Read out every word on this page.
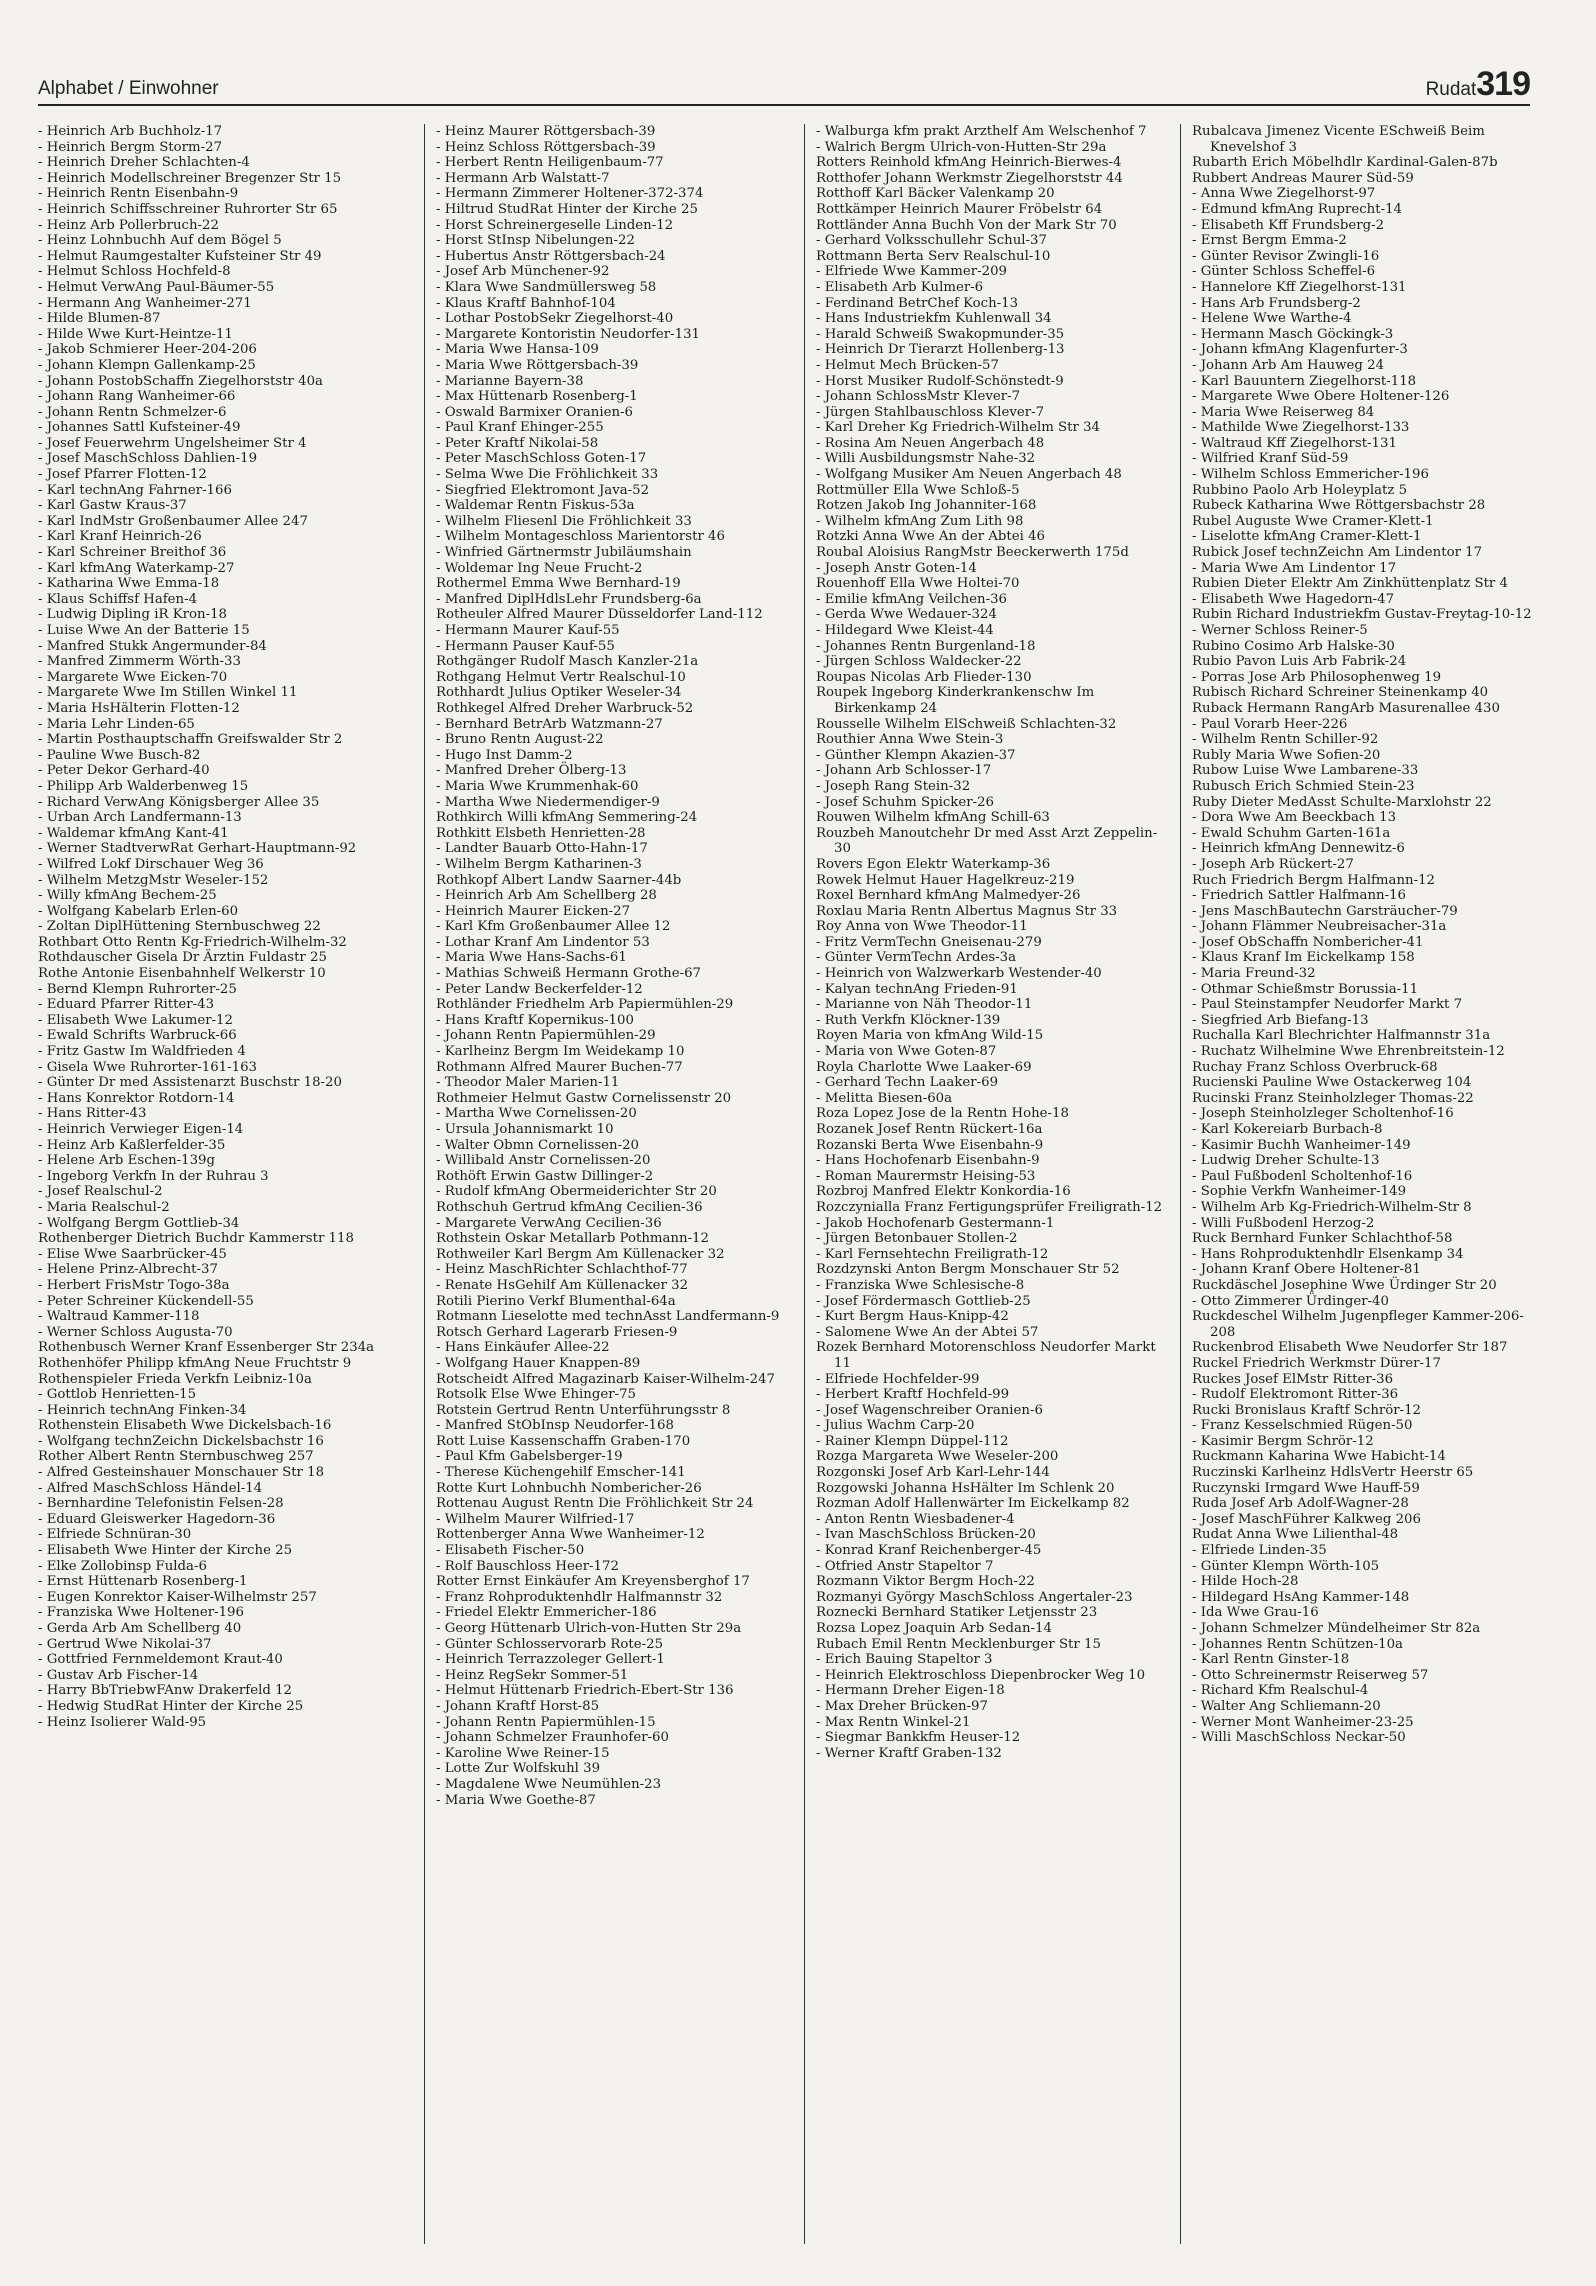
Alphabet / Einwohner	Rudat319
- Heinrich Arb Buchholz-17
- Heinrich Bergm Storm-27
- Heinrich Dreher Schlachten-4
- Heinrich Modellschreiner Bregenzer Str 15
- Heinrich Rentn Eisenbahn-9
- Heinrich Schiffsschreiner Ruhrorter Str 65
- Heinz Arb Pollerbruch-22
- Heinz Lohnbuchh Auf dem Bögel 5
- Helmut Raumgestalter Kufsteiner Str 49
- Helmut Schloss Hochfeld-8
- Helmut VerwAng Paul-Bäumer-55
- Hermann Ang Wanheimer-271
- Hilde Blumen-87
- Hilde Wwe Kurt-Heintze-11
- Jakob Schmierer Heer-204-206
- Johann Klempn Gallenkamp-25
- Johann PostobSchaffn Ziegelhorststr 40a
- Johann Rang Wanheimer-66
- Johann Rentn Schmelzer-6
- Johannes Sattl Kufsteiner-49
- Josef Feuerwehrm Ungelsheimer Str 4
- Josef MaschSchloss Dahlien-19
- Josef Pfarrer Flotten-12
- Karl technAng Fahrner-166
- Karl Gastw Kraus-37
- Karl IndMstr Großenbaumer Allee 247
- Karl Kranf Heinrich-26
- Karl Schreiner Breithof 36
- Karl kfmAng Waterkamp-27
- Katharina Wwe Emma-18
- Klaus Schiffsf Hafen-4
- Ludwig Dipling iR Kron-18
- Luise Wwe An der Batterie 15
- Manfred Stukk Angermunder-84
- Manfred Zimmerm Wörth-33
- Margarete Wwe Eicken-70
- Margarete Wwe Im Stillen Winkel 11
- Maria HsHälterin Flotten-12
- Maria Lehr Linden-65
- Martin Posthauptschaffn Greifswalder Str 2
- Pauline Wwe Busch-82
- Peter Dekor Gerhard-40
- Philipp Arb Walderbenweg 15
- Richard VerwAng Königsberger Allee 35
- Urban Arch Landfermann-13
- Waldemar kfmAng Kant-41
- Werner StadtverwRat Gerhart-Hauptmann-92
- Wilfred Lokf Dirschauer Weg 36
- Wilhelm MetzgMstr Weseler-152
- Willy kfmAng Bechem-25
- Wolfgang Kabelarb Erlen-60
- Zoltan DiplHüttening Sternbuschweg 22
Rothbart Otto Rentn Kg-Friedrich-Wilhelm-32
Rothdauscher Gisela Dr Ärztin Fuldastr 25
Rothe Antonie Eisenbahnhelf Welkerstr 10
- Bernd Klempn Ruhrorter-25
- Eduard Pfarrer Ritter-43
- Elisabeth Wwe Lakumer-12
- Ewald Schrifts Warbruck-66
- Fritz Gastw Im Waldfrieden 4
- Gisela Wwe Ruhrorter-161-163
- Günter Dr med Assistenarzt Buschstr 18-20
- Hans Konrektor Rotdorn-14
- Hans Ritter-43
- Heinrich Verwieger Eigen-14
- Heinz Arb Kaßlerfelder-35
- Helene Arb Eschen-139g
- Ingeborg Verkfn In der Ruhrau 3
- Josef Realschul-2
- Maria Realschul-2
- Wolfgang Bergm Gottlieb-34
Rothenberger Dietrich Buchdr Kammerstr 118
- Elise Wwe Saarbrücker-45
- Helene Prinz-Albrecht-37
- Herbert FrisMstr Togo-38a
- Peter Schreiner Kückendell-55
- Waltraud Kammer-118
- Werner Schloss Augusta-70
Rothenbusch Werner Kranf Essenberger Str 234a
Rothenhöfer Philipp kfmAng Neue Fruchtstr 9
Rothenspieler Frieda Verkfn Leibniz-10a
- Gottlob Henrietten-15
- Heinrich technAng Finken-34
Rothenstein Elisabeth Wwe Dickelsbach-16
- Wolfgang technZeichn Dickelsbachstr 16
Rother Albert Rentn Sternbuschweg 257
- Alfred Gesteinshauer Monschauer Str 18
- Alfred MaschSchloss Händel-14
- Bernhardine Telefonistin Felsen-28
- Eduard Gleiswerker Hagedorn-36
- Elfriede Schnüran-30
- Elisabeth Wwe Hinter der Kirche 25
- Elke Zollobinsp Fulda-6
- Ernst Hüttenarb Rosenberg-1
- Eugen Konrektor Kaiser-Wilhelmstr 257
- Franziska Wwe Holtener-196
- Gerda Arb Am Schellberg 40
- Gertrud Wwe Nikolai-37
- Gottfried Fernmeldemont Kraut-40
- Gustav Arb Fischer-14
- Harry BbTriebwFAnw Drakerfeld 12
- Hedwig StudRat Hinter der Kirche 25
- Heinz Isolierer Wald-95
- Heinz Maurer Röttgersbach-39
- Heinz Schloss Röttgersbach-39
- Herbert Rentn Heiligenbaum-77
- Hermann Arb Walstatt-7
- Hermann Zimmerer Holtener-372-374
- Hiltrud StudRat Hinter der Kirche 25
- Horst Schreinergeselle Linden-12
- Horst StInsp Nibelungen-22
- Hubertus Anstr Röttgersbach-24
- Josef Arb Münchener-92
- Klara Wwe Sandmüllersweg 58
- Klaus Kraftf Bahnhof-104
- Lothar PostobSekr Ziegelhorst-40
- Margarete Kontoristin Neudorfer-131
- Maria Wwe Hansa-109
- Maria Wwe Röttgersbach-39
- Marianne Bayern-38
- Max Hüttenarb Rosenberg-1
- Oswald Barmixer Oranien-6
- Paul Kranf Ehinger-255
- Peter Kraftf Nikolai-58
- Peter MaschSchloss Goten-17
- Selma Wwe Die Fröhlichkeit 33
- Siegfried Elektromont Java-52
- Waldemar Rentn Fiskus-53a
- Wilhelm Fliesenl Die Fröhlichkeit 33
- Wilhelm Montageschloss Marientorstr 46
- Winfried Gärtnermstr Jubiläumshain
- Woldemar Ing Neue Frucht-2
Rothermel Emma Wwe Bernhard-19
- Manfred DiplHdlsLehr Frundsberg-6a
Rotheuler Alfred Maurer Düsseldorfer Land-112
- Hermann Maurer Kauf-55
- Hermann Pauser Kauf-55
Rothgänger Rudolf Masch Kanzler-21a
Rothgang Helmut Vertr Realschul-10
Rothhardt Julius Optiker Weseler-34
Rothkegel Alfred Dreher Warbruck-52
- Bernhard BetrArb Watzmann-27
- Bruno Rentn August-22
- Hugo Inst Damm-2
- Manfred Dreher Ölberg-13
- Maria Wwe Krummenhak-60
- Martha Wwe Niedermendiger-9
Rothkirch Willi kfmAng Semmering-24
Rothkitt Elsbeth Henrietten-28
- Landter Bauarb Otto-Hahn-17
- Wilhelm Bergm Katharinen-3
Rothkopf Albert Landw Saarner-44b
- Heinrich Arb Am Schellberg 28
- Heinrich Maurer Eicken-27
- Karl Kfm Großenbaumer Allee 12
- Lothar Kranf Am Lindentor 53
- Maria Wwe Hans-Sachs-61
- Mathias Schweiß Hermann Grothe-67
- Peter Landw Beckerfelder-12
Rothländer Friedhelm Arb Papiermühlen-29
- Hans Kraftf Kopernikus-100
- Johann Rentn Papiermühlen-29
- Karlheinz Bergm Im Weidekamp 10
Rothmann Alfred Maurer Buchen-77
- Theodor Maler Marien-11
Rothmeier Helmut Gastw Cornelissenstr 20
- Martha Wwe Cornelissen-20
- Ursula Johannismarkt 10
- Walter Obmn Cornelissen-20
- Willibald Anstr Cornelissen-20
Rothöft Erwin Gastw Dillinger-2
- Rudolf kfmAng Obermeiderichter Str 20
Rothschuh Gertrud kfmAng Cecilien-36
- Margarete VerwAng Cecilien-36
Rothstein Oskar Metallarb Pothmann-12
Rothweiler Karl Bergm Am Küllenacker 32
- Heinz MaschRichter Schlachthof-77
- Renate HsGehilf Am Küllenacker 32
Rotili Pierino Verkf Blumenthal-64a
Rotmann Lieselotte med technAsst Landfermann-9
Rotsch Gerhard Lagerarb Friesen-9
- Hans Einkäufer Allee-22
- Wolfgang Hauer Knappen-89
Rotscheidt Alfred Magazinarb Kaiser-Wilhelm-247
Rotsolk Else Wwe Ehinger-75
Rotstein Gertrud Rentn Unterführungsstr 8
- Manfred StObInsp Neudorfer-168
Rott Luise Kassenschaffn Graben-170
- Paul Kfm Gabelsberger-19
- Therese Küchengehilf Emscher-141
Rotte Kurt Lohnbuchh Nombericher-26
Rottenau August Rentn Die Fröhlichkeit Str 24
- Wilhelm Maurer Wilfried-17
Rottenberger Anna Wwe Wanheimer-12
- Elisabeth Fischer-50
- Rolf Bauschloss Heer-172
Rotter Ernst Einkäufer Am Kreyensberghof 17
- Franz Rohproduktenhdlr Halfmannstr 32
- Friedel Elektr Emmericher-186
- Georg Hüttenarb Ulrich-von-Hutten Str 29a
- Günter Schlosservorarb Rote-25
- Heinrich Terrazzoleger Gellert-1
- Heinz RegSekr Sommer-51
- Helmut Hüttenarb Friedrich-Ebert-Str 136
- Johann Kraftf Horst-85
- Johann Rentn Papiermühlen-15
- Johann Schmelzer Fraunhofer-60
- Karoline Wwe Reiner-15
- Lotte Zur Wolfskuhl 39
- Magdalene Wwe Neumühlen-23
- Maria Wwe Goethe-87
- Walburga kfm prakt Arzthelf Am Welschenhof 7
- Walrich Bergm Ulrich-von-Hutten-Str 29a
Rotters Reinhold kfmAng Heinrich-Bierwes-4
Rotthofer Johann Werkmstr Ziegelhorststr 44
Rotthoff Karl Bäcker Valenkamp 20
Rottkämper Heinrich Maurer Fröbelstr 64
Rottländer Anna Buchh Von der Mark Str 70
- Gerhard Volksschullehr Schul-37
Rottmann Berta Serv Realschul-10
- Elfriede Wwe Kammer-209
- Elisabeth Arb Kulmer-6
- Ferdinand BetrChef Koch-13
- Hans Industriekfm Kuhlenwall 34
- Harald Schweiß Swakopmunder-35
- Heinrich Dr Tierarzt Hollenberg-13
- Helmut Mech Brücken-57
- Horst Musiker Rudolf-Schönstedt-9
- Johann SchlossMstr Klever-7
- Jürgen Stahlbauschloss Klever-7
- Karl Dreher Kg Friedrich-Wilhelm Str 34
- Rosina Am Neuen Angerbach 48
- Willi Ausbildungsmstr Nahe-32
- Wolfgang Musiker Am Neuen Angerbach 48
Rottmüller Ella Wwe Schloß-5
Rotzen Jakob Ing Johanniter-168
- Wilhelm kfmAng Zum Lith 98
Rotzki Anna Wwe An der Abtei 46
Roubal Aloisius RangMstr Beeckerwerth 175d
- Joseph Anstr Goten-14
Rouenhoff Ella Wwe Holtei-70
- Emilie kfmAng Veilchen-36
- Gerda Wwe Wedauer-324
- Hildegard Wwe Kleist-44
- Johannes Rentn Burgenland-18
- Jürgen Schloss Waldecker-22
Roupas Nicolas Arb Flieder-130
Roupek Ingeborg Kinderkrankenschw Im Birkenkamp 24
Rousselle Wilhelm ElSchweiß Schlachten-32
Routhier Anna Wwe Stein-3
- Günther Klempn Akazien-37
- Johann Arb Schlosser-17
- Joseph Rang Stein-32
- Josef Schuhm Spicker-26
Rouwen Wilhelm kfmAng Schill-63
Rouzbeh Manoutchehr Dr med Asst Arzt Zeppelin-30
Rovers Egon Elektr Waterkamp-36
Rowek Helmut Hauer Hagelkreuz-219
Roxel Bernhard kfmAng Malmedyer-26
Roxlau Maria Rentn Albertus Magnus Str 33
Roy Anna von Wwe Theodor-11
- Fritz VermTechn Gneisenau-279
- Günter VermTechn Ardes-3a
- Heinrich von Walzwerkarb Westender-40
- Kalyan technAng Frieden-91
- Marianne von Näh Theodor-11
- Ruth Verkfn Klöckner-139
Royen Maria von kfmAng Wild-15
- Maria von Wwe Goten-87
Royla Charlotte Wwe Laaker-69
- Gerhard Techn Laaker-69
- Melitta Biesen-60a
Roza Lopez Jose de la Rentn Hohe-18
Rozanek Josef Rentn Rückert-16a
Rozanski Berta Wwe Eisenbahn-9
- Hans Hochofenarb Eisenbahn-9
- Roman Maurermstr Heising-53
Rozbroj Manfred Elektr Konkordia-16
Rozczynialla Franz Fertigungsprüfer Freiligrath-12
- Jakob Hochofenarb Gestermann-1
- Jürgen Betonbauer Stollen-2
- Karl Fernsehtechn Freiligrath-12
Rozdzynski Anton Bergm Monschauer Str 52
- Franziska Wwe Schlesische-8
- Josef Fördermasch Gottlieb-25
- Kurt Bergm Haus-Knipp-42
- Salomene Wwe An der Abtei 57
Rozek Bernhard Motorenschloss Neudorfer Markt 11
- Elfriede Hochfelder-99
- Herbert Kraftf Hochfeld-99
- Josef Wagenschreiber Oranien-6
- Julius Wachm Carp-20
- Rainer Klempn Düppel-112
Rozga Margareta Wwe Weseler-200
Rozgonski Josef Arb Karl-Lehr-144
Rozgowski Johanna HsHälter Im Schlenk 20
Rozman Adolf Hallenwärter Im Eickelkamp 82
- Anton Rentn Wiesbadener-4
- Ivan MaschSchloss Brücken-20
- Konrad Kranf Reichenberger-45
- Otfried Anstr Stapeltor 7
Rozmann Viktor Bergm Hoch-22
Rozmanyi György MaschSchloss Angertaler-23
Roznecki Bernhard Statiker Letjensstr 23
Rozsa Lopez Joaquin Arb Sedan-14
Rubach Emil Rentn Mecklenburger Str 15
- Erich Bauing Stapeltor 3
- Heinrich Elektroschloss Diepenbrocker Weg 10
- Hermann Dreher Eigen-18
- Max Dreher Brücken-97
- Max Rentn Winkel-21
- Siegmar Bankkfm Heuser-12
- Werner Kraftf Graben-132
Rubalcava Jimenez Vicente ESchweiß Beim Knevelshof 3
Rubarth Erich Möbelhdlr Kardinal-Galen-87b
Rubbert Andreas Maurer Süd-59
- Anna Wwe Ziegelhorst-97
- Edmund kfmAng Ruprecht-14
- Elisabeth Kff Frundsberg-2
- Ernst Bergm Emma-2
- Günter Revisor Zwingli-16
- Günter Schloss Scheffel-6
- Hannelore Kff Ziegelhorst-131
- Hans Arb Frundsberg-2
- Helene Wwe Warthe-4
- Hermann Masch Göckingk-3
- Johann kfmAng Klagenfurter-3
- Johann Arb Am Hauweg 24
- Karl Bauuntern Ziegelhorst-118
- Margarete Wwe Obere Holtener-126
- Maria Wwe Reiserweg 84
- Mathilde Wwe Ziegelhorst-133
- Waltraud Kff Ziegelhorst-131
- Wilfried Kranf Süd-59
- Wilhelm Schloss Emmericher-196
Rubbino Paolo Arb Holeyplatz 5
Rubeck Katharina Wwe Röttgersbachstr 28
Rubel Auguste Wwe Cramer-Klett-1
- Liselotte kfmAng Cramer-Klett-1
Rubick Josef technZeichn Am Lindentor 17
- Maria Wwe Am Lindentor 17
Rubien Dieter Elektr Am Zinkhüttenplatz Str 4
- Elisabeth Wwe Hagedorn-47
Rubin Richard Industriekfm Gustav-Freytag-10-12
- Werner Schloss Reiner-5
Rubino Cosimo Arb Halske-30
Rubio Pavon Luis Arb Fabrik-24
- Porras Jose Arb Philosophenweg 19
Rubisch Richard Schreiner Steinenkamp 40
Ruback Hermann RangArb Masurenallee 430
- Paul Vorarb Heer-226
- Wilhelm Rentn Schiller-92
Rubly Maria Wwe Sofien-20
Rubow Luise Wwe Lambarene-33
Rubusch Erich Schmied Stein-23
Ruby Dieter MedAsst Schulte-Marxlohstr 22
- Dora Wwe Am Beeckbach 13
- Ewald Schuhm Garten-161a
- Heinrich kfmAng Dennewitz-6
- Joseph Arb Rückert-27
Ruch Friedrich Bergm Halfmann-12
- Friedrich Sattler Halfmann-16
- Jens MaschBautechn Garsträucher-79
- Johann Flämmer Neubreisacher-31a
- Josef ObSchaffn Nombericher-41
- Klaus Kranf Im Eickelkamp 158
- Maria Freund-32
- Othmar Schießmstr Borussia-11
- Paul Steinstampfer Neudorfer Markt 7
- Siegfried Arb Biefang-13
Ruchalla Karl Blechrichter Halfmannstr 31a
- Ruchatz Wilhelmine Wwe Ehrenbreitstein-12
Ruchay Franz Schloss Overbruck-68
Rucienski Pauline Wwe Ostackerweg 104
Rucinski Franz Steinholzleger Thomas-22
- Joseph Steinholzleger Scholtenhof-16
- Karl Kokereiarb Burbach-8
- Kasimir Buchh Wanheimer-149
- Ludwig Dreher Schulte-13
- Paul Fußbodenl Scholtenhof-16
- Sophie Verkfn Wanheimer-149
- Wilhelm Arb Kg-Friedrich-Wilhelm-Str 8
- Willi Fußbodenl Herzog-2
Ruck Bernhard Funker Schlachthof-58
- Hans Rohproduktenhdlr Elsenkamp 34
- Johann Kranf Obere Holtener-81
Ruckdäschel Josephine Wwe Ürdinger Str 20
- Otto Zimmerer Ürdinger-40
Ruckdeschel Wilhelm Jugenpfleger Kammer-206-208
Ruckenbrod Elisabeth Wwe Neudorfer Str 187
Ruckel Friedrich Werkmstr Dürer-17
Ruckes Josef ElMstr Ritter-36
- Rudolf Elektromont Ritter-36
Rucki Bronislaus Kraftf Schrör-12
- Franz Kesselschmied Rügen-50
- Kasimir Bergm Schrör-12
Ruckmann Kaharina Wwe Habicht-14
Ruczinski Karlheinz HdlsVertr Heerstr 65
Ruczynski Irmgard Wwe Hauff-59
Ruda Josef Arb Adolf-Wagner-28
- Josef MaschFührer Kalkweg 206
Rudat Anna Wwe Lilienthal-48
- Elfriede Linden-35
- Günter Klempn Wörth-105
- Hilde Hoch-28
- Hildegard HsAng Kammer-148
- Ida Wwe Grau-16
- Johann Schmelzer Mündelheimer Str 82a
- Johannes Rentn Schützen-10a
- Karl Rentn Ginster-18
- Otto Schreinermstr Reiserweg 57
- Richard Kfm Realschul-4
- Walter Ang Schliemann-20
- Werner Mont Wanheimer-23-25
- Willi MaschSchloss Neckar-50
